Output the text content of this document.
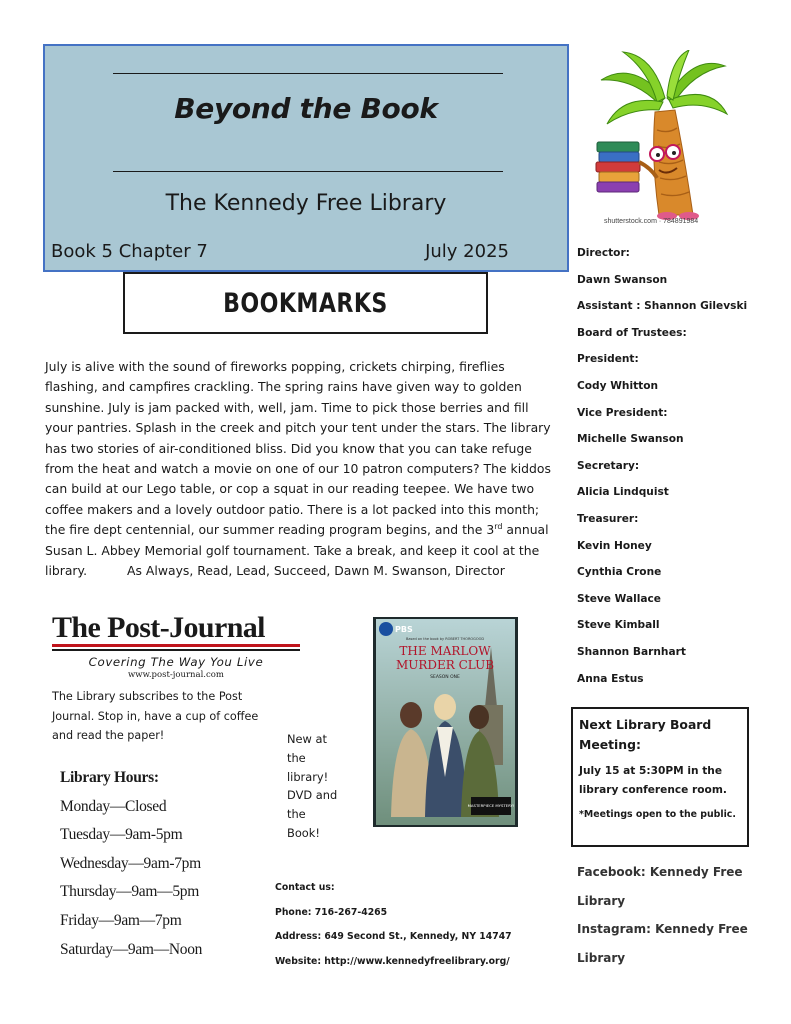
Beyond the Book
The Kennedy Free Library
Book 5 Chapter 7	July 2025
shutterstock.com · 784891984
BOOKMARKS
July is alive with the sound of fireworks popping, crickets chirping, fireflies
flashing, and campfires crackling. The spring rains have given way to golden
sunshine. July is jam packed with, well, jam. Time to pick those berries and fill
your pantries. Splash in the creek and pitch your tent under the stars. The library
has two stories of air-conditioned bliss. Did you know that you can take refuge
from the heat and watch a movie on one of our 10 patron computers? The kiddos
can build at our Lego table, or cop a squat in our reading teepee. We have two
coffee makers and a lovely outdoor patio. There is a lot packed into this month;
the fire dept centennial, our summer reading program begins, and the 3rd annual
Susan L. Abbey Memorial golf tournament. Take a break, and keep it cool at the
library.	As Always, Read, Lead, Succeed, Dawn M. Swanson, Director
Director:
Dawn Swanson
Assistant : Shannon Gilevski
Board of Trustees:
President:
Cody Whitton
Vice President:
Michelle Swanson
Secretary:
Alicia Lindquist
Treasurer:
Kevin Honey
Cynthia Crone
Steve Wallace
Steve Kimball
Shannon Barnhart
Anna Estus
Next Library Board Meeting:
July 15 at 5:30PM in the library conference room.
*Meetings open to the public.
Facebook: Kennedy Free
Library
Instagram: Kennedy Free
Library
The Post-Journal
Covering The Way You Live
www.post-journal.com
The Library subscribes to the Post Journal. Stop in, have a cup of coffee and read the paper!
Library Hours:
Monday—Closed
Tuesday—9am-5pm
Wednesday—9am-7pm
Thursday—9am—5pm
Friday—9am—7pm
Saturday—9am—Noon
New at the library! DVD and the Book!
PBS
Based on the book by ROBERT THOROGOOD
THE MARLOW
MURDER CLUB
SEASON ONE
MASTERPIECE MYSTERY!
Contact us:
Phone: 716-267-4265
Address: 649 Second St., Kennedy, NY 14747
Website: http://www.kennedyfreelibrary.org/
